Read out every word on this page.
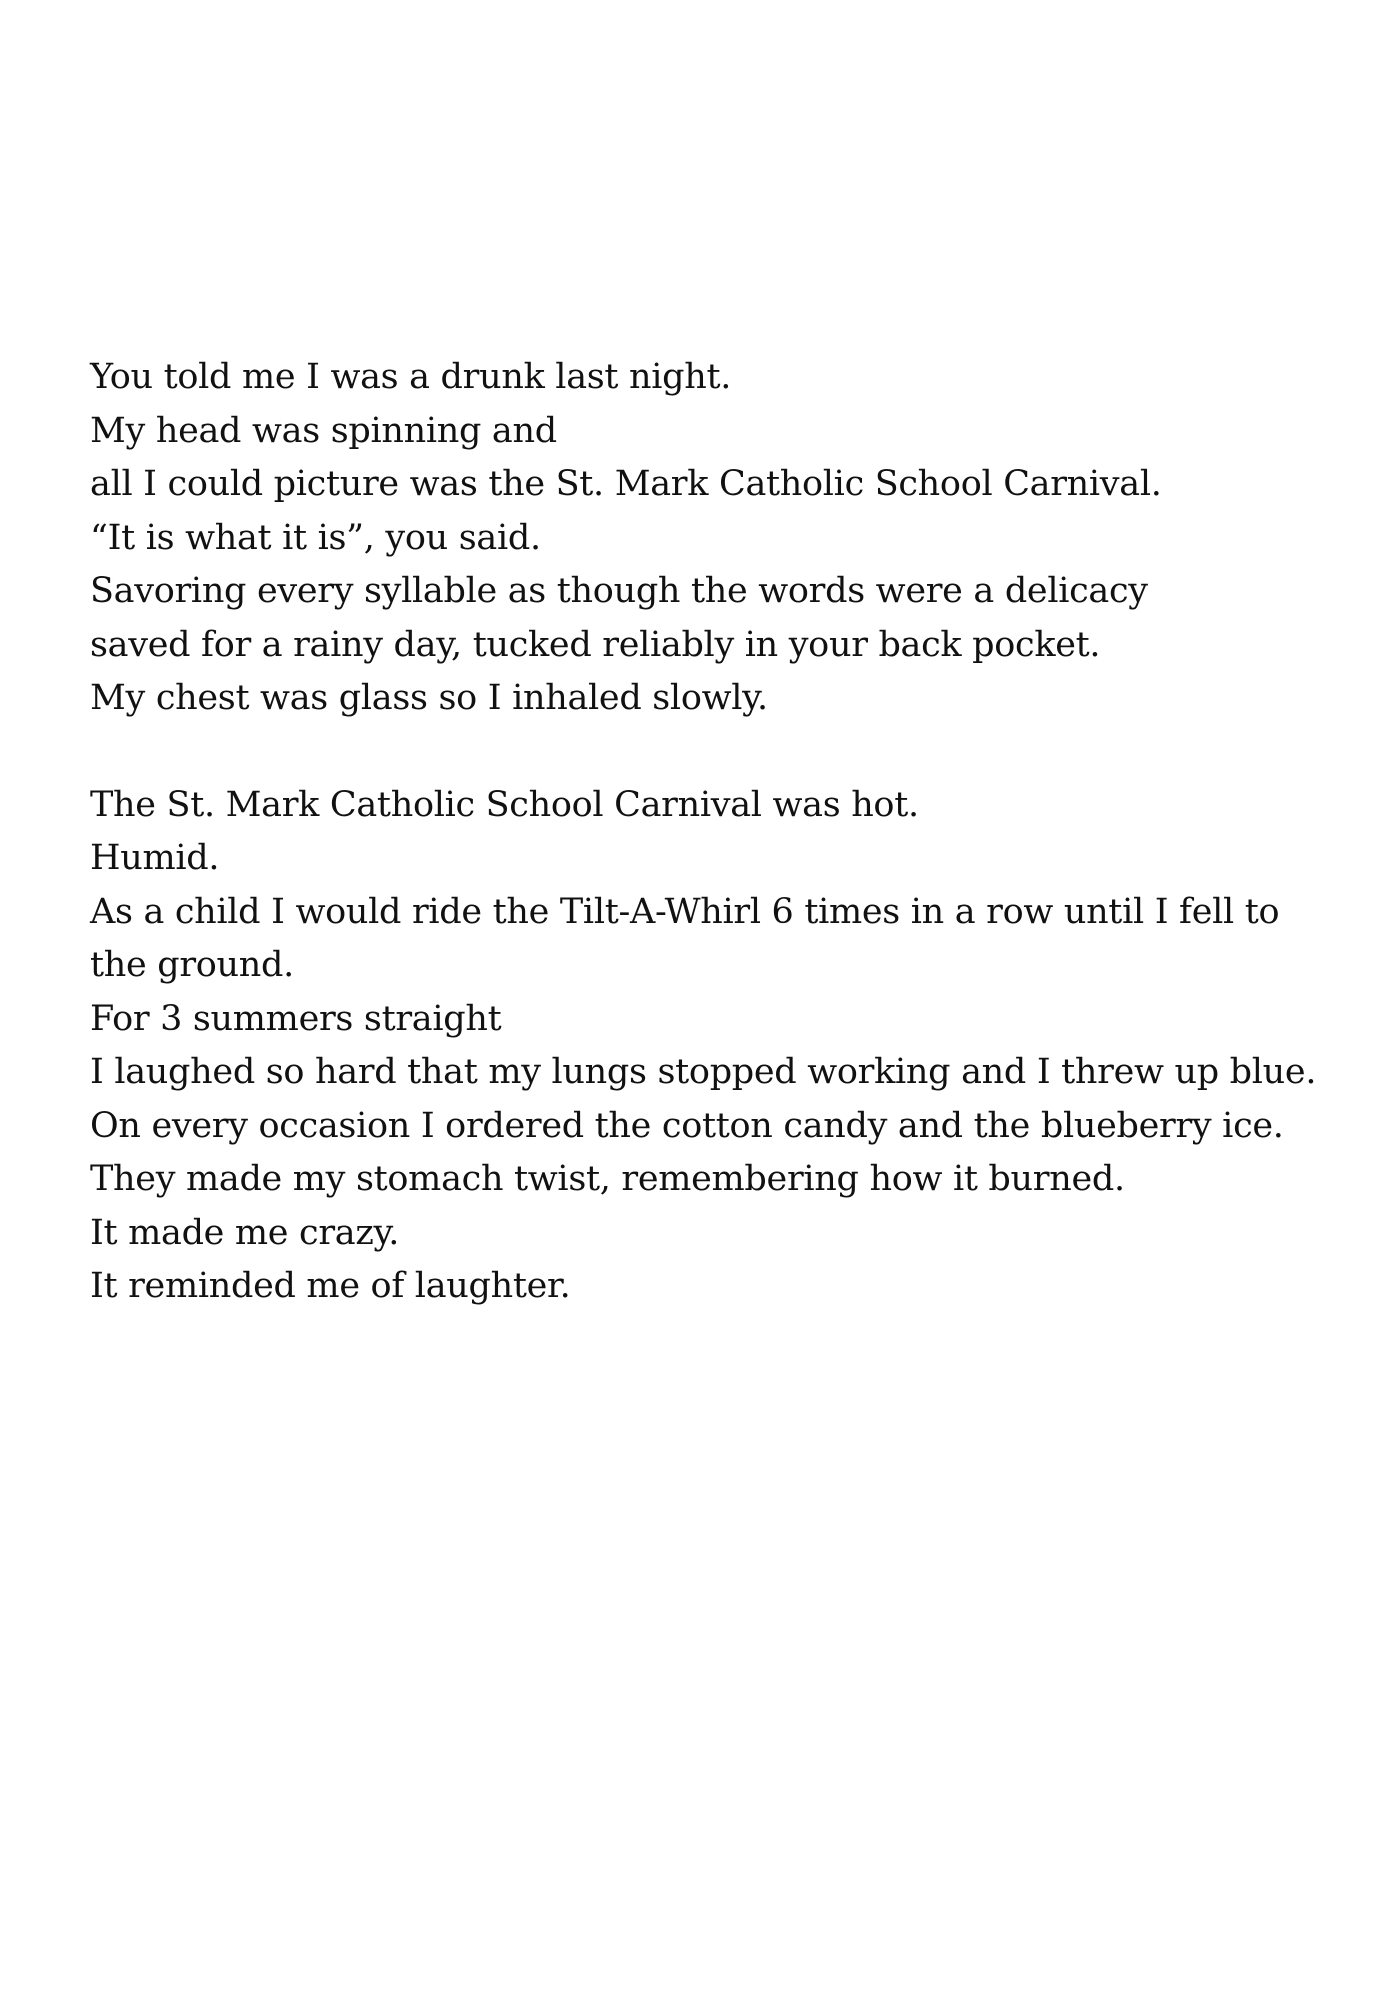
You told me I was a drunk last night.
My head was spinning and
all I could picture was the St. Mark Catholic School Carnival.
“It is what it is”, you said.
Savoring every syllable as though the words were a delicacy
saved for a rainy day, tucked reliably in your back pocket.
My chest was glass so I inhaled slowly.
The St. Mark Catholic School Carnival was hot.
Humid.
As a child I would ride the Tilt-A-Whirl 6 times in a row until I fell to the ground.
For 3 summers straight
I laughed so hard that my lungs stopped working and I threw up blue.
On every occasion I ordered the cotton candy and the blueberry ice.
They made my stomach twist, remembering how it burned.
It made me crazy.
It reminded me of laughter.
